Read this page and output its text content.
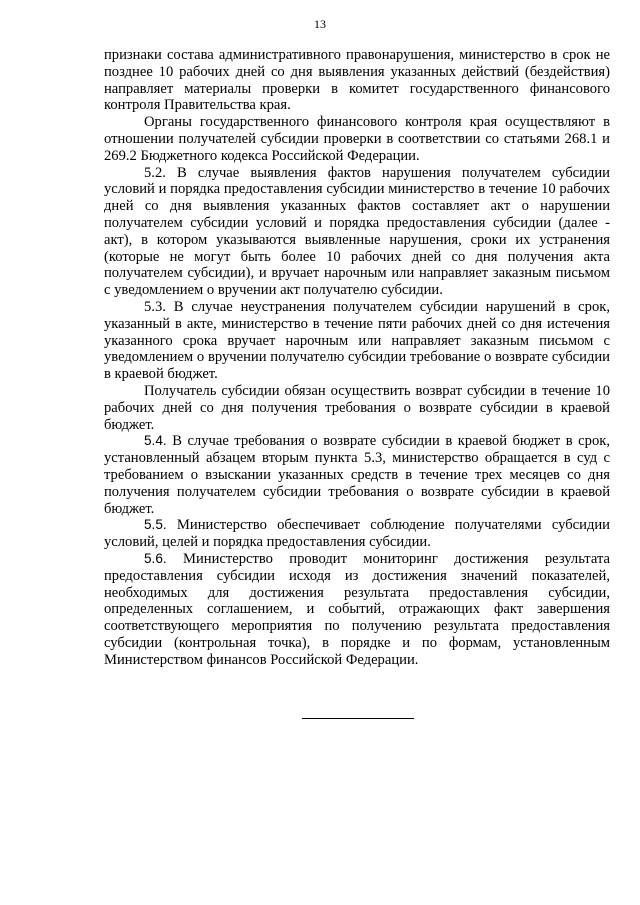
13

признаки состава административного правонарушения, министерство в срок не позднее 10 рабочих дней со дня выявления указанных действий (бездействия) направляет материалы проверки в комитет государственного финансового контроля Правительства края.

Органы государственного финансового контроля края осуществляют в отношении получателей субсидии проверки в соответствии со статьями 268.1 и 269.2 Бюджетного кодекса Российской Федерации.

5.2. В случае выявления фактов нарушения получателем субсидии условий и порядка предоставления субсидии министерство в течение 10 рабочих дней со дня выявления указанных фактов составляет акт о нарушении получателем субсидии условий и порядка предоставления субсидии (далее - акт), в котором указываются выявленные нарушения, сроки их устранения (которые не могут быть более 10 рабочих дней со дня получения акта получателем субсидии), и вручает нарочным или направляет заказным письмом с уведомлением о вручении акт получателю субсидии.

5.3. В случае неустранения получателем субсидии нарушений в срок, указанный в акте, министерство в течение пяти рабочих дней со дня истечения указанного срока вручает нарочным или направляет заказным письмом с уведомлением о вручении получателю субсидии требование о возврате субсидии в краевой бюджет.

Получатель субсидии обязан осуществить возврат субсидии в течение 10 рабочих дней со дня получения требования о возврате субсидии в краевой бюджет.

5.4. В случае требования о возврате субсидии в краевой бюджет в срок, установленный абзацем вторым пункта 5.3, министерство обращается в суд с требованием о взыскании указанных средств в течение трех месяцев со дня получения получателем субсидии требования о возврате субсидии в краевой бюджет.

5.5. Министерство обеспечивает соблюдение получателями субсидии условий, целей и порядка предоставления субсидии.

5.6. Министерство проводит мониторинг достижения результата предоставления субсидии исходя из достижения значений показателей, необходимых для достижения результата предоставления субсидии, определенных соглашением, и событий, отражающих факт завершения соответствующего мероприятия по получению результата предоставления субсидии (контрольная точка), в порядке и по формам, установленным Министерством финансов Российской Федерации.
